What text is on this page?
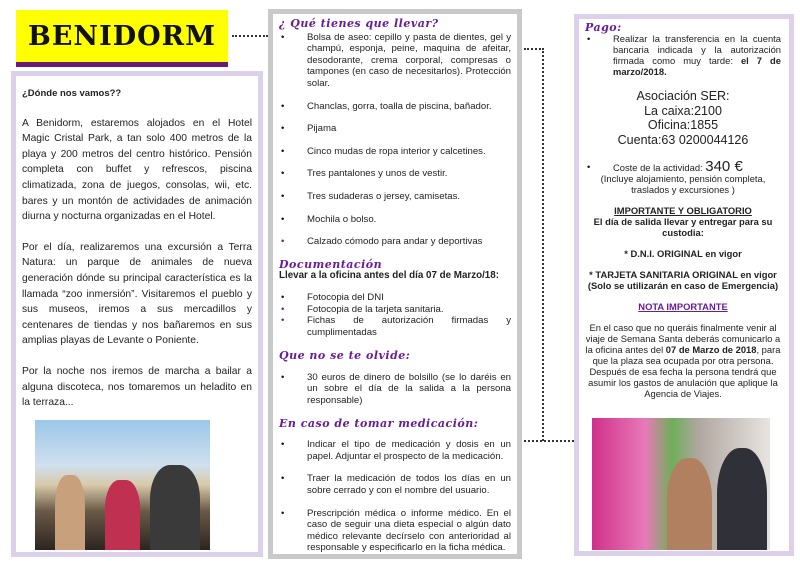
BENIDORM
¿Dónde nos vamos??

A Benidorm, estaremos alojados en el Hotel Magic Cristal Park, a tan solo 400 metros de la playa y 200 metros del centro histórico. Pensión completa con buffet y refrescos, piscina climatizada, zona de juegos, consolas, wii, etc. bares y un montón de actividades de animación diurna y nocturna organizadas en el Hotel.

Por el día, realizaremos una excursión a Terra Natura: un parque de animales de nueva generación dónde su principal característica es la llamada “zoo inmersión”. Visitaremos el pueblo y sus museos, iremos a sus mercadillos y centenares de tiendas y nos bañaremos en sus amplias playas de Levante o Poniente.

Por la noche nos iremos de marcha a bailar a alguna discoteca, nos tomaremos un heladito en la terraza...

¿ Qué tienes que llevar?
• Bolsa de aseo: cepillo y pasta de dientes, gel y champú, esponja, peine, maquina de afeitar, desodorante, crema corporal, compresas o tampones (en caso de necesitarlos). Protección solar.
• Chanclas, gorra, toalla de piscina, bañador.
• Pijama
• Cinco mudas de ropa interior y calcetines.
• Tres pantalones y unos de vestir.
• Tres sudaderas o jersey, camisetas.
• Mochila o bolso.
• Calzado cómodo para andar y deportivas
Documentación
Llevar a la oficina antes del día 07 de Marzo/18:
• Fotocopia del DNI
• Fotocopia de la tarjeta sanitaria.
• Fichas de autorización firmadas y cumplimentadas
Que no se te olvide:
• 30 euros de dinero de bolsillo (se lo daréis en un sobre el día de la salida a la persona responsable)
En caso de tomar medicación:
• Indicar el tipo de medicación y dosis en un papel. Adjuntar el prospecto de la medicación.
• Traer la medicación de todos los días en un sobre cerrado y con el nombre del usuario.
• Prescripción médica o informe médico. En el caso de seguir una dieta especial o algún dato médico relevante decírselo con anterioridad al responsable y especificarlo en la ficha médica.
Pago:
• Realizar la transferencia en la cuenta bancaria indicada y la autorización firmada como muy tarde: el 7 de marzo/2018.
Asociación SER:
La caixa:2100
Oficina:1855
Cuenta:63 0200044126
• Coste de la actividad: 340 €
(Incluye alojamiento, pensión completa, traslados y excursiones )
IMPORTANTE Y OBLIGATORIO
El día de salida llevar y entregar para su custodia:
* D.N.I. ORIGINAL en vigor
* TARJETA SANITARIA ORIGINAL en vigor
(Solo se utilizarán en caso de Emergencia)
NOTA IMPORTANTE
En el caso que no queráis finalmente venir al viaje de Semana Santa deberás comunicarlo a la oficina antes del 07 de Marzo de 2018, para que la plaza sea ocupada por otra persona. Después de esa fecha la persona tendrá que asumir los gastos de anulación que aplique la Agencia de Viajes.
